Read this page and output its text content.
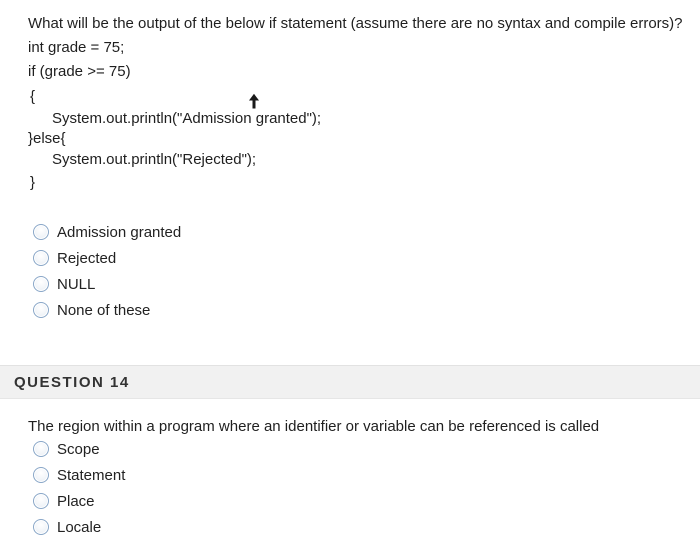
What will be the output of the below if statement (assume there are no syntax and compile errors)?
int grade = 75;
if (grade >= 75)
{
System.out.println("Admission granted");
}else{
System.out.println("Rejected");
}
Admission granted
Rejected
NULL
None of these
QUESTION 14
The region within a program where an identifier or variable can be referenced is called
Scope
Statement
Place
Locale
